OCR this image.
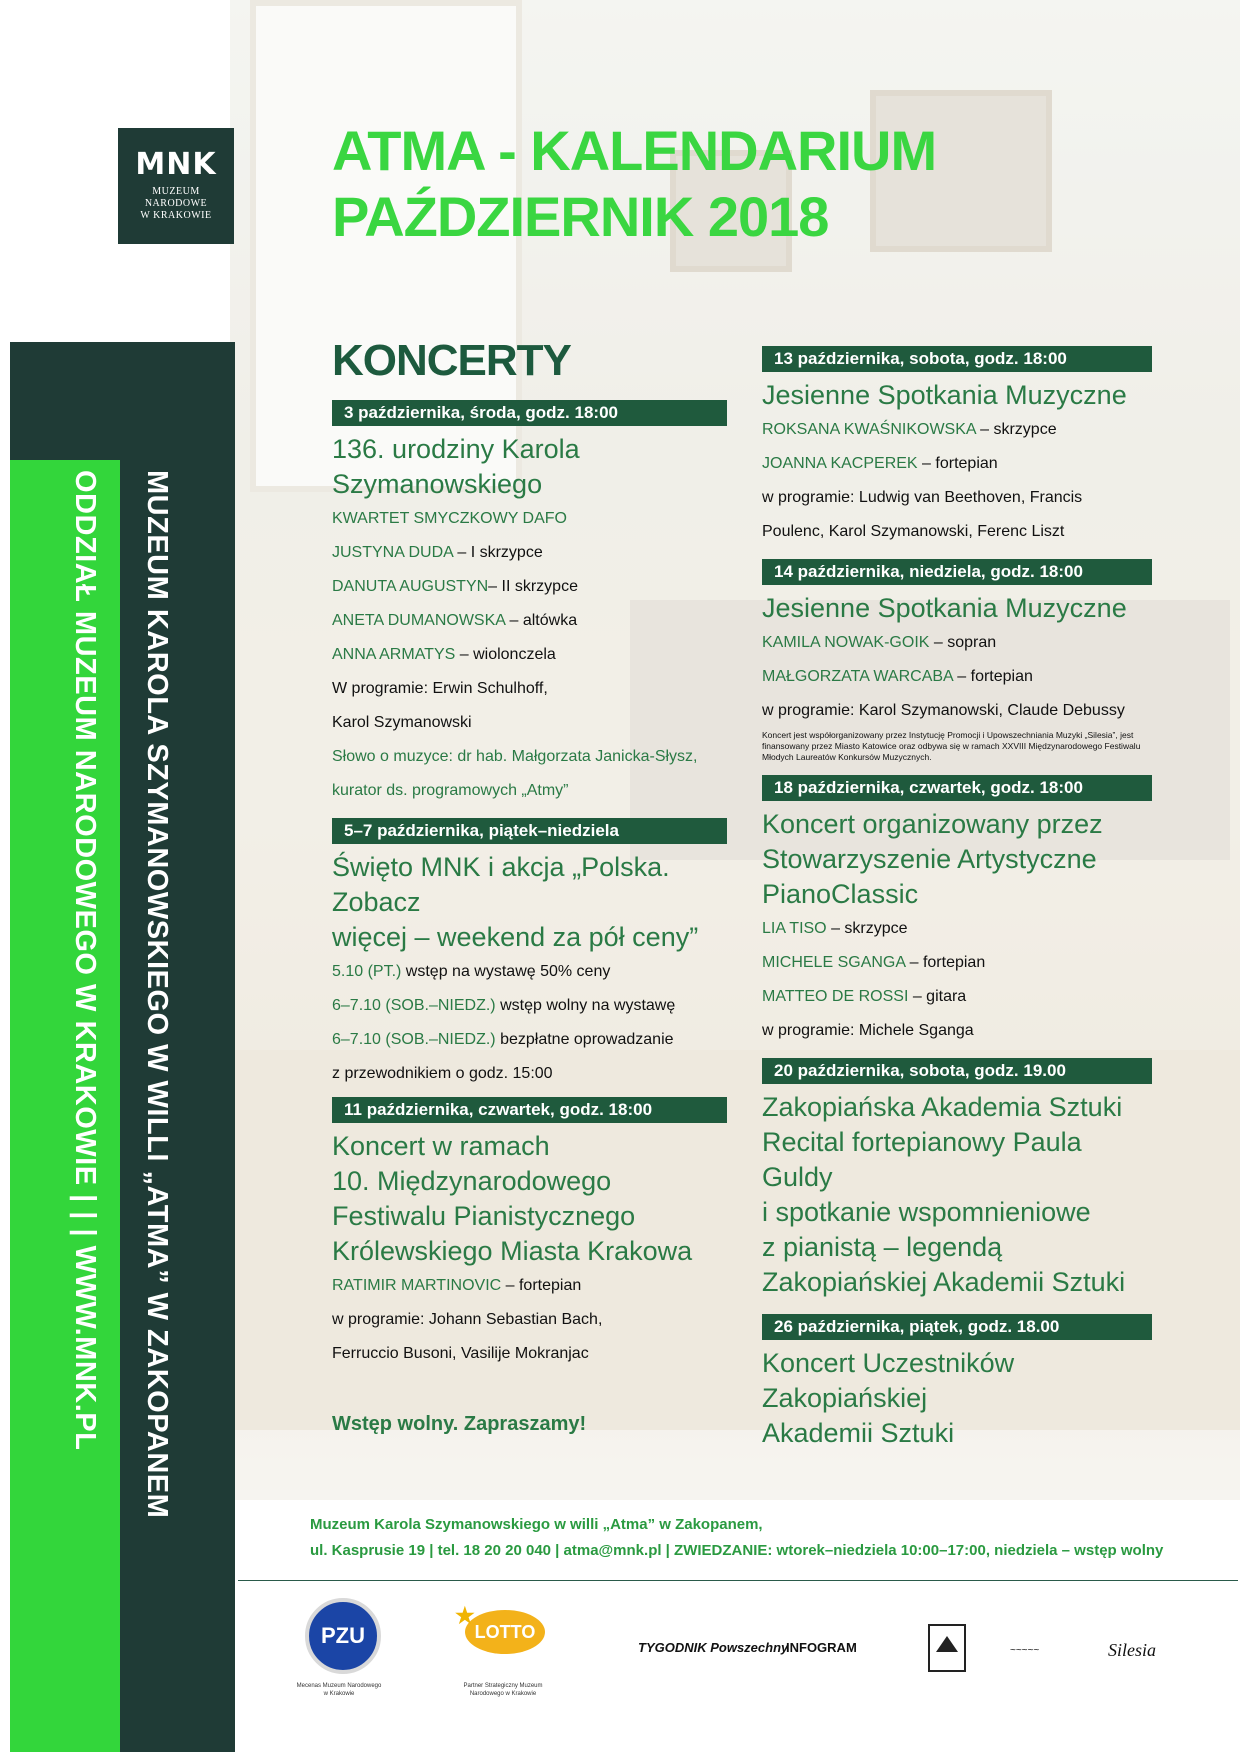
MNK
MUZEUM
NARODOWE
W KRAKOWIE
MUZEUM KAROLA SZYMANOWSKIEGO W WILLI „ATMA” W ZAKOPANEM
ODDZIAŁ MUZEUM NARODOWEGO W KRAKOWIE | | | WWW.MNK.PL
ATMA - KALENDARIUM
PAŹDZIERNIK 2018
KONCERTY
3 października, środa, godz. 18:00
136. urodziny Karola
Szymanowskiego
KWARTET SMYCZKOWY DAFO
JUSTYNA DUDA – I skrzypce
DANUTA AUGUSTYN– II skrzypce
ANETA DUMANOWSKA – altówka
ANNA ARMATYS – wiolonczela
W programie: Erwin Schulhoff,
Karol Szymanowski
Słowo o muzyce: dr hab. Małgorzata Janicka-Słysz,
kurator ds. programowych „Atmy”
5–7 października, piątek–niedziela
Święto MNK i akcja „Polska. Zobacz
więcej – weekend za pół ceny”
5.10 (PT.) wstęp na wystawę 50% ceny
6–7.10 (SOB.–NIEDZ.) wstęp wolny na wystawę
6–7.10 (SOB.–NIEDZ.) bezpłatne oprowadzanie
z przewodnikiem o godz. 15:00
11 października, czwartek, godz. 18:00
Koncert w ramach
10. Międzynarodowego
Festiwalu Pianistycznego
Królewskiego Miasta Krakowa
RATIMIR MARTINOVIC – fortepian
w programie: Johann Sebastian Bach,
Ferruccio Busoni, Vasilije Mokranjac
Wstęp wolny. Zapraszamy!
13 października, sobota, godz. 18:00
Jesienne Spotkania Muzyczne
ROKSANA KWAŚNIKOWSKA – skrzypce
JOANNA KACPEREK – fortepian
w programie: Ludwig van Beethoven, Francis
Poulenc, Karol Szymanowski, Ferenc Liszt
14 października, niedziela, godz. 18:00
Jesienne Spotkania Muzyczne
KAMILA NOWAK-GOIK – sopran
MAŁGORZATA WARCABA – fortepian
w programie: Karol Szymanowski, Claude Debussy
Koncert jest współorganizowany przez Instytucję Promocji i Upowszechniania Muzyki „Silesia”, jest finansowany przez Miasto Katowice oraz odbywa się w ramach XXVIII Międzynarodowego Festiwalu Młodych Laureatów Konkursów Muzycznych.
18 października, czwartek, godz. 18:00
Koncert organizowany przez
Stowarzyszenie Artystyczne
PianoClassic
LIA TISO – skrzypce
MICHELE SGANGA – fortepian
MATTEO DE ROSSI – gitara
w programie: Michele Sganga
20 października, sobota, godz. 19.00
Zakopiańska Akademia Sztuki
Recital fortepianowy Paula Guldy
i spotkanie wspomnieniowe
z pianistą – legendą
Zakopiańskiej Akademii Sztuki
26 października, piątek, godz. 18.00
Koncert Uczestników Zakopiańskiej
Akademii Sztuki
Muzeum Karola Szymanowskiego w willi „Atma” w Zakopanem,
ul. Kasprusie 19 | tel. 18 20 20 040 | atma@mnk.pl | ZWIEDZANIE: wtorek–niedziela 10:00–17:00, niedziela – wstęp wolny
PZU
★
LOTTO
TYGODNIK Powszechny
INFOGRAM	~~~~~	Silesia
Mecenas Muzeum Narodowego w Krakowie
Partner Strategiczny Muzeum Narodowego w Krakowie
